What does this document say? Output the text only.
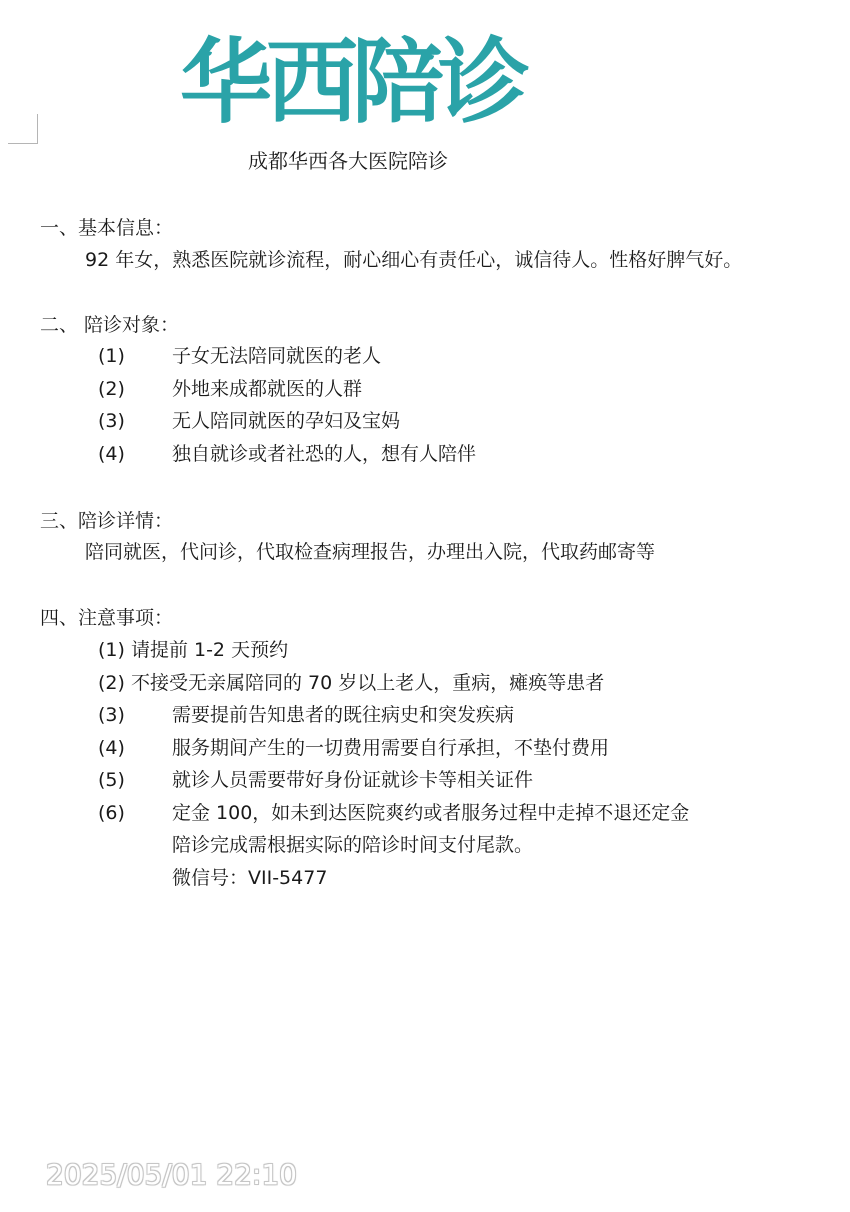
华西陪诊
成都华西各大医院陪诊
一、基本信息：
92 年女，熟悉医院就诊流程，耐心细心有责任心，诚信待人。性格好脾气好。
二、 陪诊对象：
(1) 子女无法陪同就医的老人
(2) 外地来成都就医的人群
(3) 无人陪同就医的孕妇及宝妈
(4) 独自就诊或者社恐的人，想有人陪伴
三、陪诊详情：
陪同就医，代问诊，代取检查病理报告，办理出入院，代取药邮寄等
四、注意事项：
(1) 请提前 1-2 天预约
(2) 不接受无亲属陪同的 70 岁以上老人，重病，瘫痪等患者
(3) 需要提前告知患者的既往病史和突发疾病
(4) 服务期间产生的一切费用需要自行承担，不垫付费用
(5) 就诊人员需要带好身份证就诊卡等相关证件
(6) 定金 100，如未到达医院爽约或者服务过程中走掉不退还定金
陪诊完成需根据实际的陪诊时间支付尾款。
微信号：VII-5477
2025/05/01 22:10
